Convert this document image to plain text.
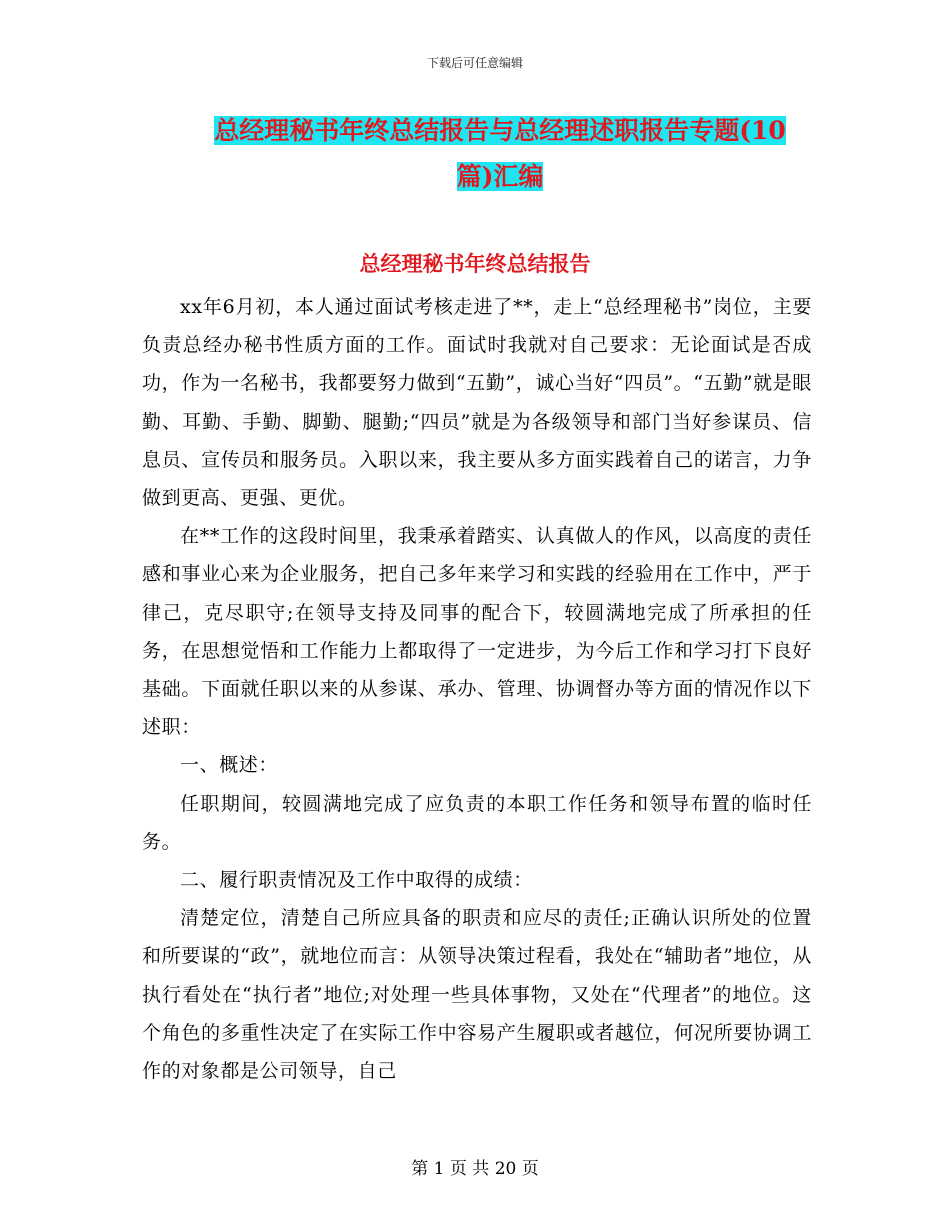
下载后可任意编辑
总经理秘书年终总结报告与总经理述职报告专题(10
篇)汇编
总经理秘书年终总结报告

xx年6月初，本人通过面试考核走进了**，走上“总经理秘书”岗位，主要负责总经办秘书性质方面的工作。面试时我就对自己要求：无论面试是否成功，作为一名秘书，我都要努力做到“五勤”，诚心当好“四员”。“五勤”就是眼勤、耳勤、手勤、脚勤、腿勤;“四员”就是为各级领导和部门当好参谋员、信息员、宣传员和服务员。入职以来，我主要从多方面实践着自己的诺言，力争做到更高、更强、更优。

在**工作的这段时间里，我秉承着踏实、认真做人的作风，以高度的责任感和事业心来为企业服务，把自己多年来学习和实践的经验用在工作中，严于律己，克尽职守;在领导支持及同事的配合下，较圆满地完成了所承担的任务，在思想觉悟和工作能力上都取得了一定进步，为今后工作和学习打下良好基础。下面就任职以来的从参谋、承办、管理、协调督办等方面的情况作以下述职：

一、概述：

任职期间，较圆满地完成了应负责的本职工作任务和领导布置的临时任务。

二、履行职责情况及工作中取得的成绩：

清楚定位，清楚自己所应具备的职责和应尽的责任;正确认识所处的位置和所要谋的“政”，就地位而言：从领导决策过程看，我处在“辅助者”地位，从执行看处在“执行者”地位;对处理一些具体事物，又处在“代理者”的地位。这个角色的多重性决定了在实际工作中容易产生履职或者越位，何况所要协调工作的对象都是公司领导，自己

第 1 页 共 20 页
